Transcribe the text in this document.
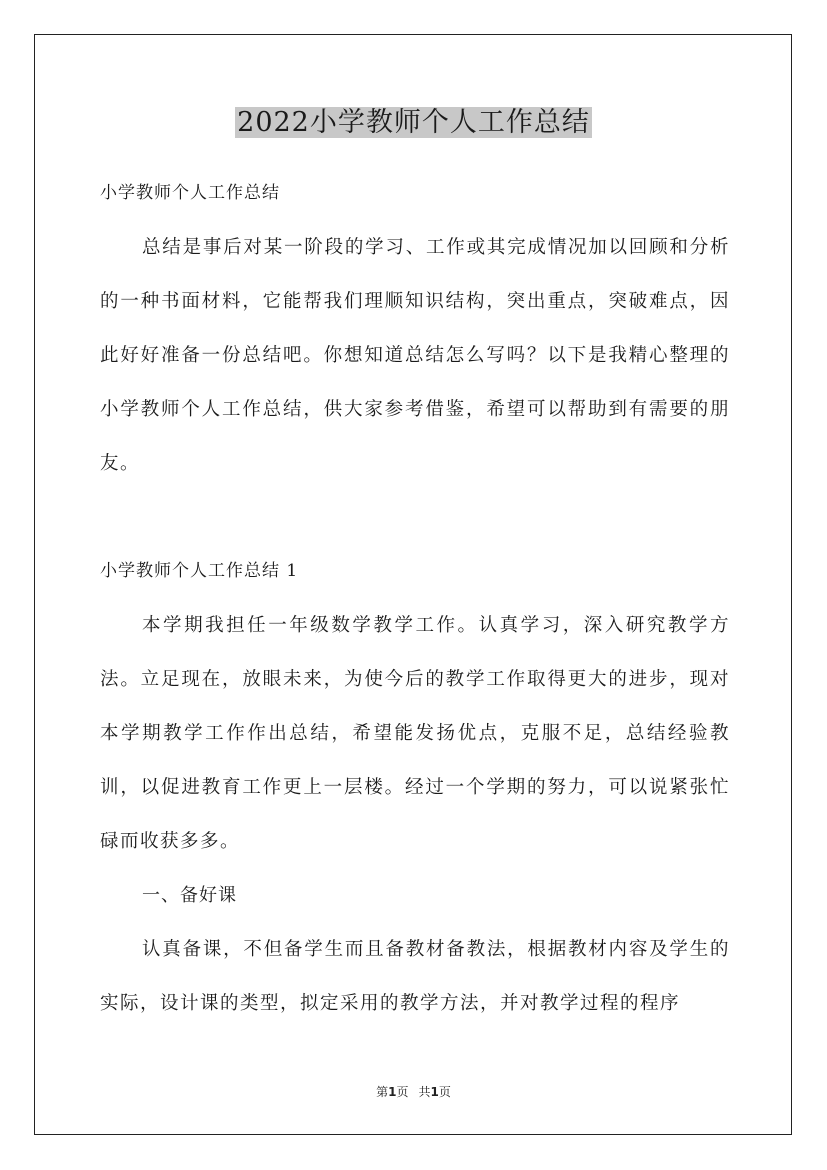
2022小学教师个人工作总结

小学教师个人工作总结

总结是事后对某一阶段的学习、工作或其完成情况加以回顾和分析的一种书面材料，它能帮我们理顺知识结构，突出重点，突破难点，因此好好准备一份总结吧。你想知道总结怎么写吗？以下是我精心整理的小学教师个人工作总结，供大家参考借鉴，希望可以帮助到有需要的朋友。

小学教师个人工作总结 1

本学期我担任一年级数学教学工作。认真学习，深入研究教学方法。立足现在，放眼未来，为使今后的教学工作取得更大的进步，现对本学期教学工作作出总结，希望能发扬优点，克服不足，总结经验教训，以促进教育工作更上一层楼。经过一个学期的努力，可以说紧张忙碌而收获多多。

一、备好课

认真备课，不但备学生而且备教材备教法，根据教材内容及学生的实际，设计课的类型，拟定采用的教学方法，并对教学过程的程序

第1页 共1页
